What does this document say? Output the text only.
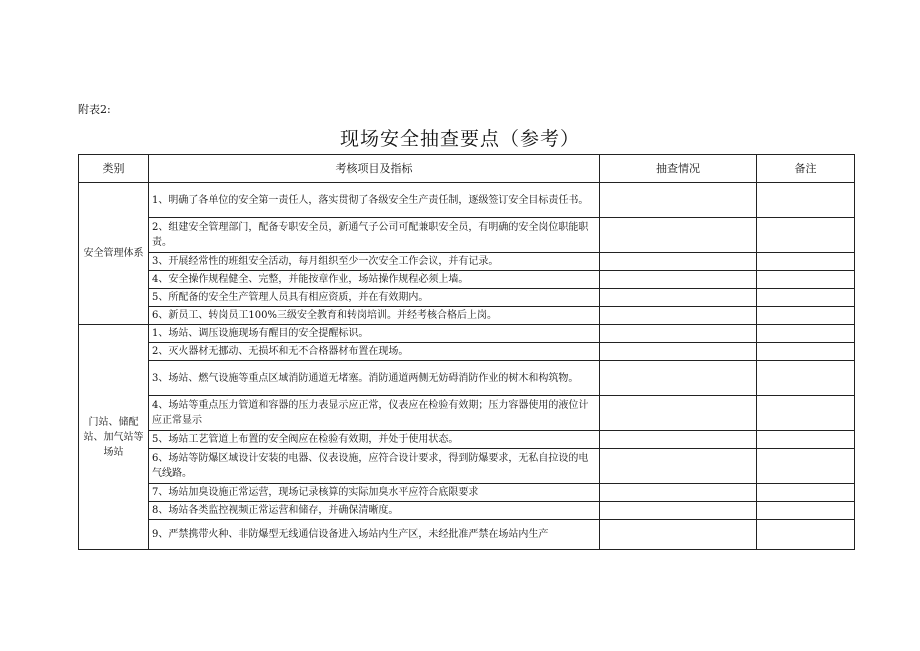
附表2:
现场安全抽查要点（参考）
类别	考核项目及指标	抽查情况	备注
安全管理体系	1、明确了各单位的安全第一责任人，落实贯彻了各级安全生产责任制，逐级签订安全目标责任书。		
	2、组建安全管理部门，配备专职安全员，新通气子公司可配兼职安全员，有明确的安全岗位职能职责。		
	3、开展经常性的班组安全活动，每月组织至少一次安全工作会议，并有记录。		
	4、安全操作规程健全、完整，并能按章作业，场站操作规程必须上墙。		
	5、所配备的安全生产管理人员具有相应资质，并在有效期内。		
	6、新员工、转岗员工100%三级安全教育和转岗培训。并经考核合格后上岗。		
门站、储配站、加气站等场站	1、场站、调压设施现场有醒目的安全提醒标识。		
	2、灭火器材无挪动、无损坏和无不合格器材布置在现场。		
	3、场站、燃气设施等重点区域消防通道无堵塞。消防通道两侧无妨碍消防作业的树木和构筑物。		
	4、场站等重点压力管道和容器的压力表显示应正常，仪表应在检验有效期；压力容器使用的液位计应正常显示		
	5、场站工艺管道上布置的安全阀应在检验有效期，并处于使用状态。		
	6、场站等防爆区域设计安装的电器、仪表设施，应符合设计要求，得到防爆要求，无私自拉设的电气线路。		
	7、场站加臭设施正常运营，现场记录核算的实际加臭水平应符合底限要求		
	8、场站各类监控视频正常运营和储存，并确保清晰度。		
	9、严禁携带火种、非防爆型无线通信设备进入场站内生产区，未经批准严禁在场站内生产		
